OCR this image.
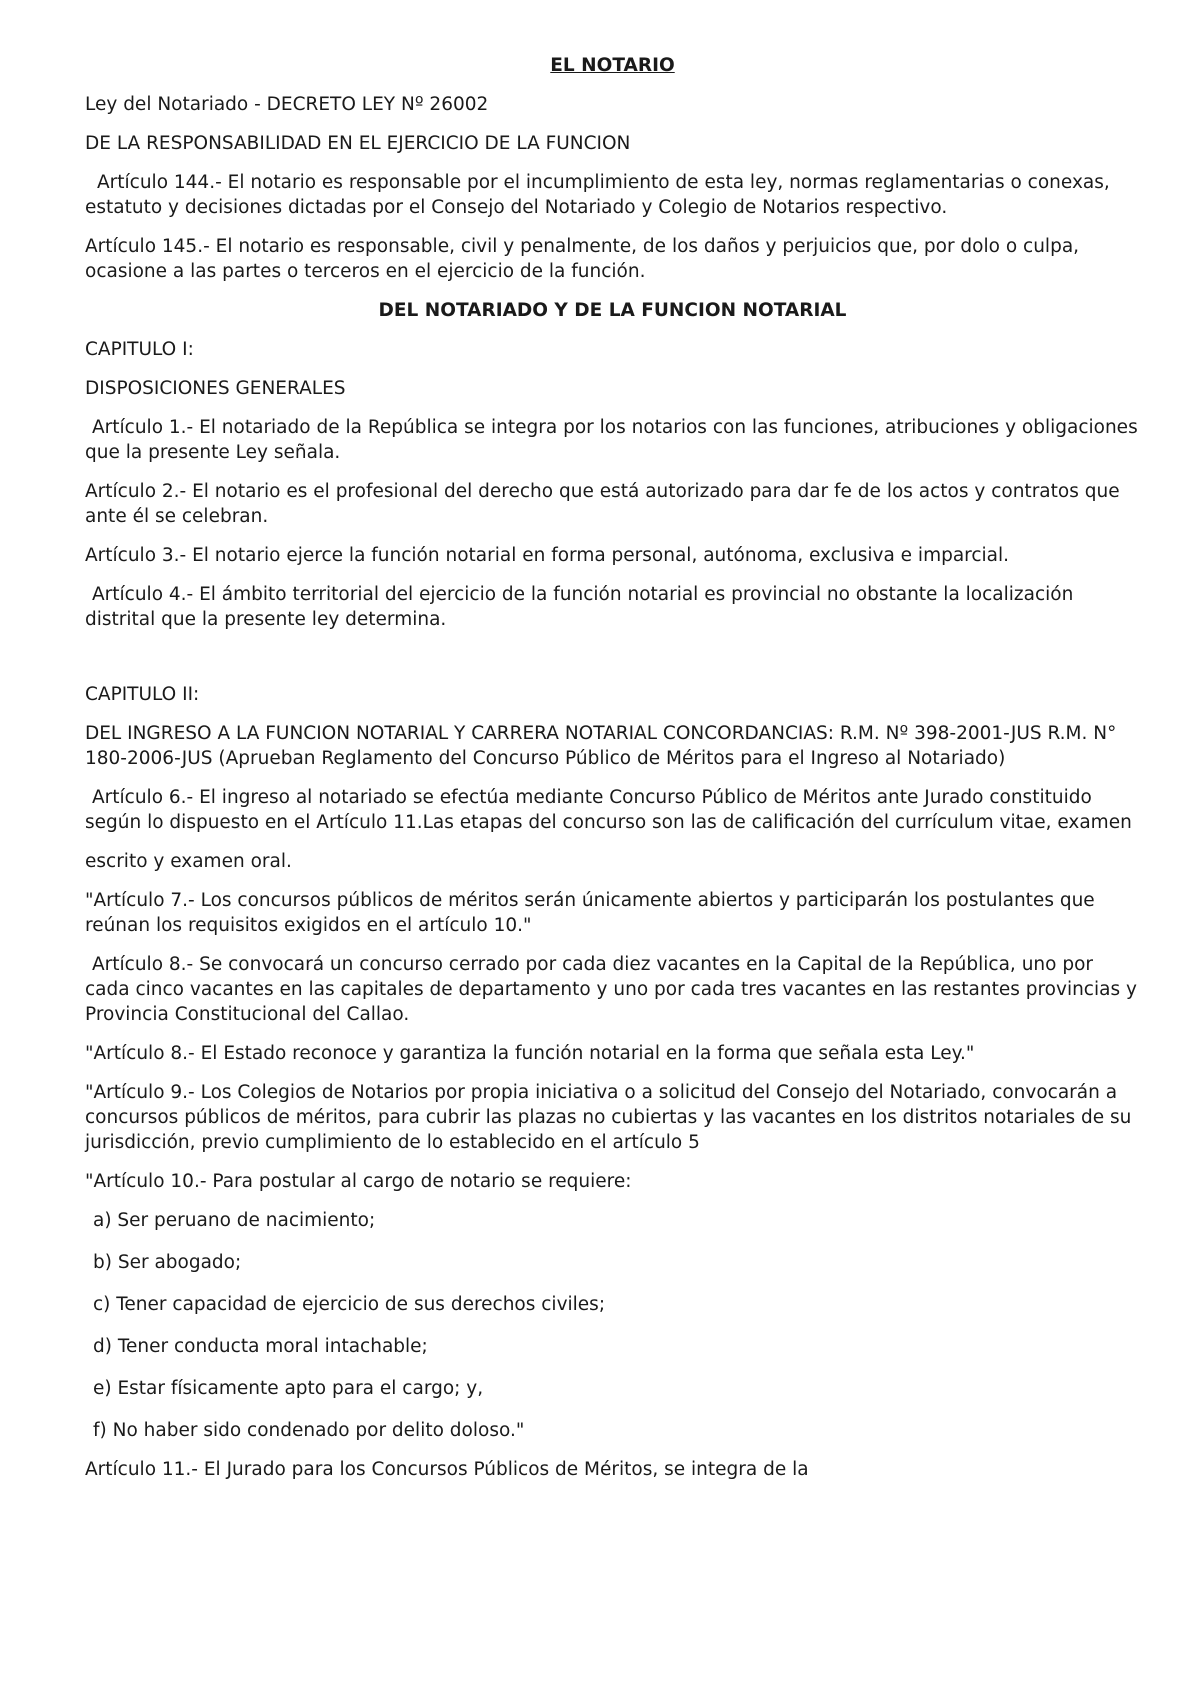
EL NOTARIO
Ley del Notariado - DECRETO LEY Nº 26002
DE LA RESPONSABILIDAD EN EL EJERCICIO DE LA FUNCION
Artículo 144.- El notario es responsable por el incumplimiento de esta ley, normas reglamentarias o conexas, estatuto y decisiones dictadas por el Consejo del Notariado y Colegio de Notarios respectivo.
Artículo 145.- El notario es responsable, civil y penalmente, de los daños y perjuicios que, por dolo o culpa, ocasione a las partes o terceros en el ejercicio de la función.
DEL NOTARIADO Y DE LA FUNCION NOTARIAL
CAPITULO I:
DISPOSICIONES GENERALES
Artículo 1.- El notariado de la República se integra por los notarios con las funciones, atribuciones y obligaciones que la presente Ley señala.
Artículo 2.- El notario es el profesional del derecho que está autorizado para dar fe de los actos y contratos que ante él se celebran.
Artículo 3.- El notario ejerce la función notarial en forma personal, autónoma, exclusiva e imparcial.
Artículo 4.- El ámbito territorial del ejercicio de la función notarial es provincial no obstante la localización distrital que la presente ley determina.
CAPITULO II:
DEL INGRESO A LA FUNCION NOTARIAL Y CARRERA NOTARIAL CONCORDANCIAS: R.M. Nº 398-2001-JUS R.M. N° 180-2006-JUS (Aprueban Reglamento del Concurso Público de Méritos para el Ingreso al Notariado)
Artículo 6.- El ingreso al notariado se efectúa mediante Concurso Público de Méritos ante Jurado constituido según lo dispuesto en el Artículo 11.Las etapas del concurso son las de calificación del currículum vitae, examen
escrito y examen oral.
"Artículo 7.- Los concursos públicos de méritos serán únicamente abiertos y participarán los postulantes que reúnan los requisitos exigidos en el artículo 10."
Artículo 8.- Se convocará un concurso cerrado por cada diez vacantes en la Capital de la República, uno por cada cinco vacantes en las capitales de departamento y uno por cada tres vacantes en las restantes provincias y Provincia Constitucional del Callao.
"Artículo 8.- El Estado reconoce y garantiza la función notarial en la forma que señala esta Ley."
"Artículo 9.- Los Colegios de Notarios por propia iniciativa o a solicitud del Consejo del Notariado, convocarán a concursos públicos de méritos, para cubrir las plazas no cubiertas y las vacantes en los distritos notariales de su jurisdicción, previo cumplimiento de lo establecido en el artículo 5
"Artículo 10.- Para postular al cargo de notario se requiere:
a) Ser peruano de nacimiento;
b) Ser abogado;
c) Tener capacidad de ejercicio de sus derechos civiles;
d) Tener conducta moral intachable;
e) Estar físicamente apto para el cargo; y,
f) No haber sido condenado por delito doloso."
Artículo 11.- El Jurado para los Concursos Públicos de Méritos, se integra de la
